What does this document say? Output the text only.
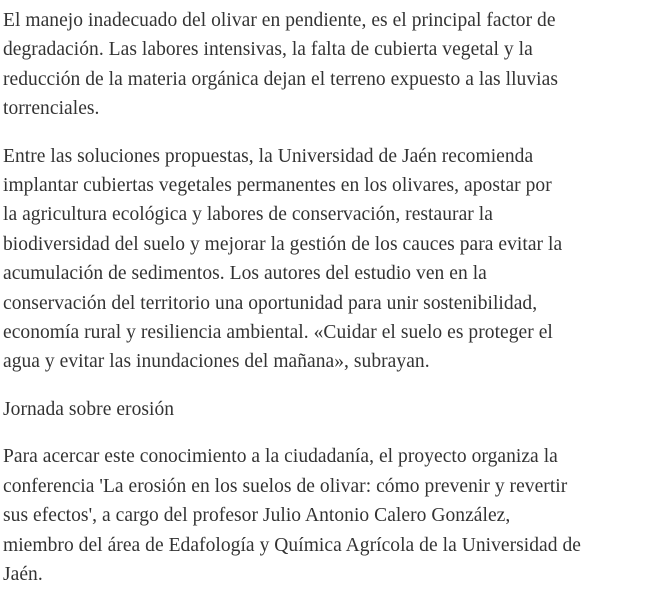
El manejo inadecuado del olivar en pendiente, es el principal factor de
degradación. Las labores intensivas, la falta de cubierta vegetal y la
reducción de la materia orgánica dejan el terreno expuesto a las lluvias
torrenciales.
Entre las soluciones propuestas, la Universidad de Jaén recomienda
implantar cubiertas vegetales permanentes en los olivares, apostar por
la agricultura ecológica y labores de conservación, restaurar la
biodiversidad del suelo y mejorar la gestión de los cauces para evitar la
acumulación de sedimentos. Los autores del estudio ven en la
conservación del territorio una oportunidad para unir sostenibilidad,
economía rural y resiliencia ambiental. «Cuidar el suelo es proteger el
agua y evitar las inundaciones del mañana», subrayan.
Jornada sobre erosión
Para acercar este conocimiento a la ciudadanía, el proyecto organiza la
conferencia 'La erosión en los suelos de olivar: cómo prevenir y revertir
sus efectos', a cargo del profesor Julio Antonio Calero González,
miembro del área de Edafología y Química Agrícola de la Universidad de
Jaén.
